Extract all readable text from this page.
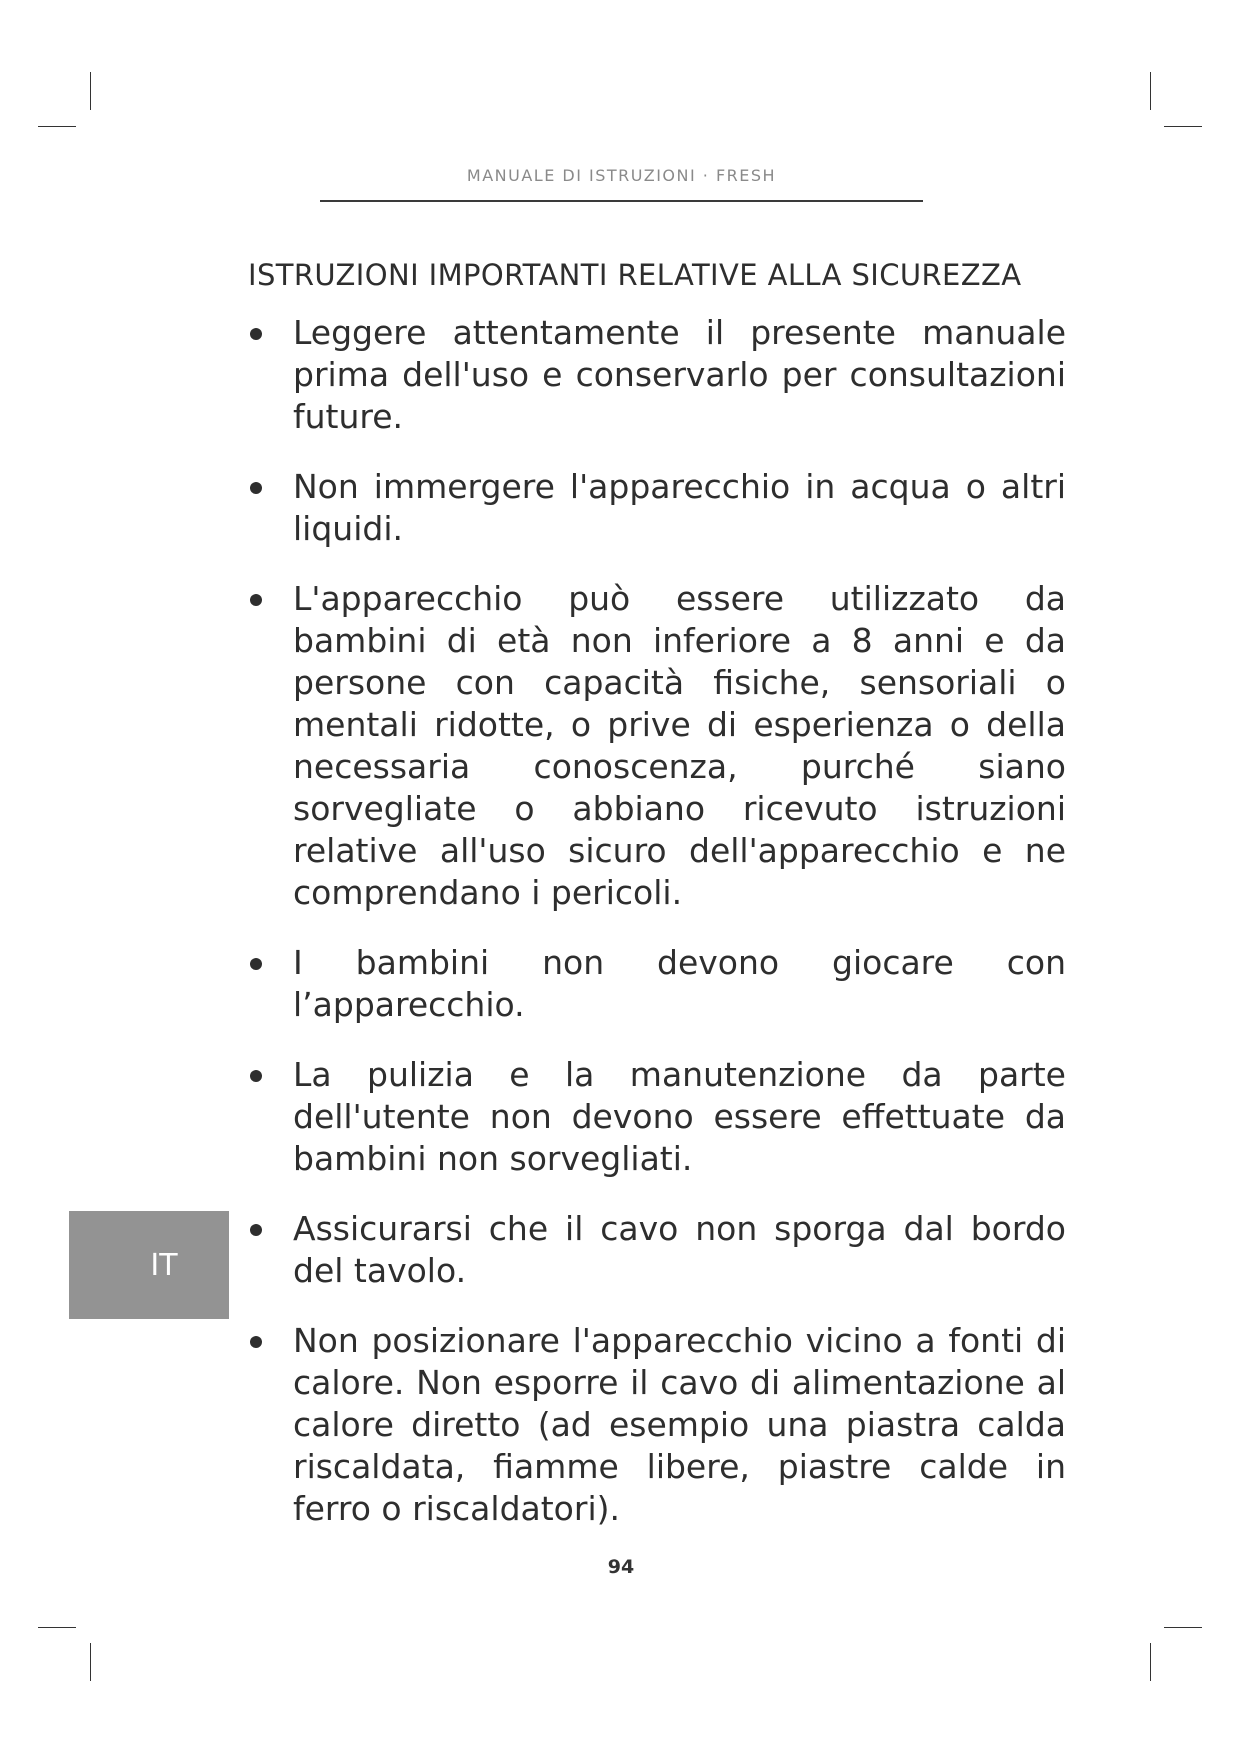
MANUALE DI ISTRUZIONI · FRESH
ISTRUZIONI IMPORTANTI RELATIVE ALLA SICUREZZA
Leggere attentamente il presente manuale prima dell'uso e conservarlo per consultazioni future.
Non immergere l'apparecchio in acqua o altri liquidi.
L'apparecchio può essere utilizzato da bambini di età non inferiore a 8 anni e da persone con capacità fisiche, sensoriali o mentali ridotte, o prive di esperienza o della necessaria conoscenza, purché siano sorvegliate o abbiano ricevuto istruzioni relative all'uso sicuro dell'apparecchio e ne comprendano i pericoli.
I bambini non devono giocare con l’apparecchio.
La pulizia e la manutenzione da parte dell'utente non devono essere effettuate da bambini non sorvegliati.
Assicurarsi che il cavo non sporga dal bordo del tavolo.
Non posizionare l'apparecchio vicino a fonti di calore. Non esporre il cavo di alimentazione al calore diretto (ad esempio una piastra calda riscaldata, fiamme libere, piastre calde in ferro o riscaldatori).
IT
94
